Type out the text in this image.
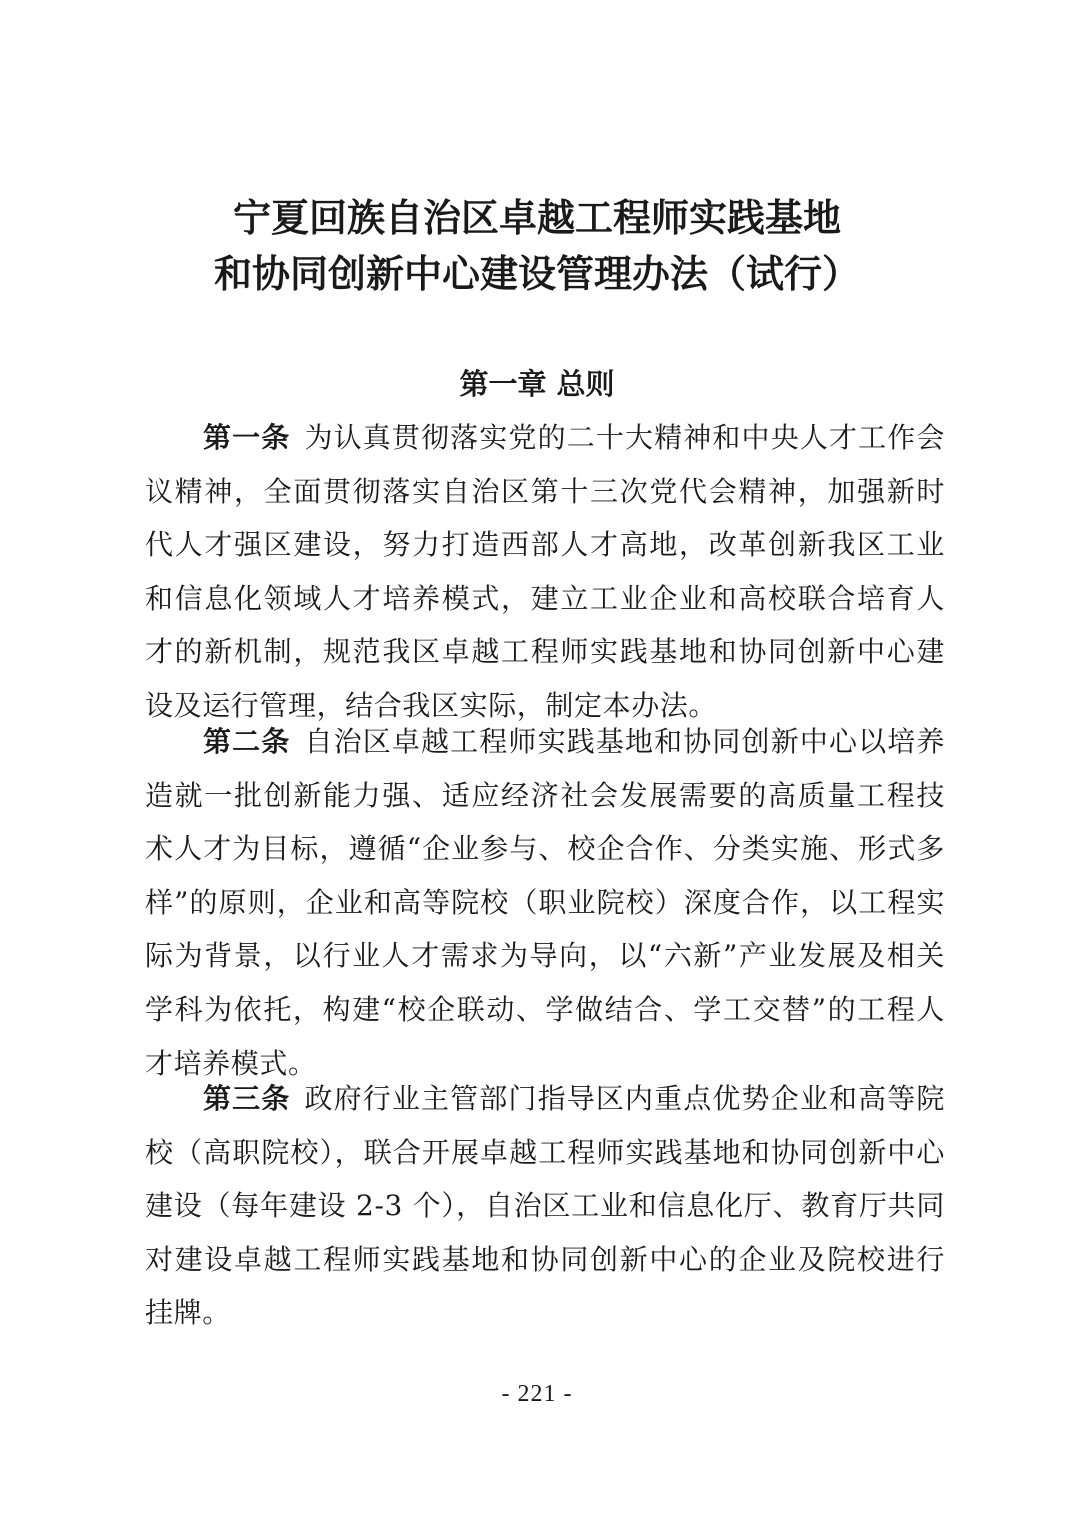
宁夏回族自治区卓越工程师实践基地
和协同创新中心建设管理办法（试行）
第一章 总则

第一条 为认真贯彻落实党的二十大精神和中央人才工作会议精神，全面贯彻落实自治区第十三次党代会精神，加强新时代人才强区建设，努力打造西部人才高地，改革创新我区工业和信息化领域人才培养模式，建立工业企业和高校联合培育人才的新机制，规范我区卓越工程师实践基地和协同创新中心建设及运行管理，结合我区实际，制定本办法。

第二条 自治区卓越工程师实践基地和协同创新中心以培养造就一批创新能力强、适应经济社会发展需要的高质量工程技术人才为目标，遵循“企业参与、校企合作、分类实施、形式多样”的原则，企业和高等院校（职业院校）深度合作，以工程实际为背景，以行业人才需求为导向，以“六新”产业发展及相关学科为依托，构建“校企联动、学做结合、学工交替”的工程人才培养模式。

第三条 政府行业主管部门指导区内重点优势企业和高等院校（高职院校），联合开展卓越工程师实践基地和协同创新中心建设（每年建设 2-3 个），自治区工业和信息化厅、教育厅共同对建设卓越工程师实践基地和协同创新中心的企业及院校进行挂牌。

- 221 -
